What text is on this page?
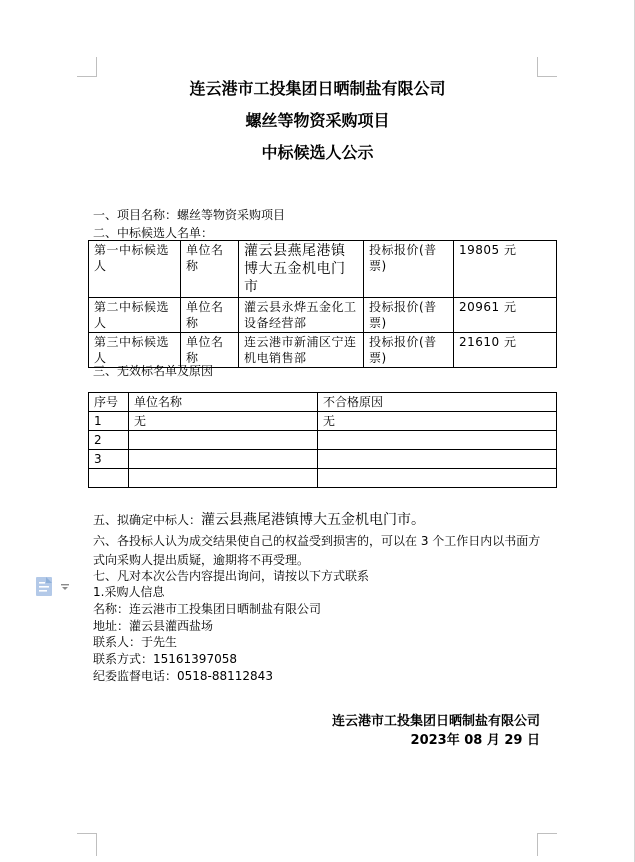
连云港市工投集团日晒制盐有限公司
螺丝等物资采购项目
中标候选人公示
一、项目名称：螺丝等物资采购项目
二、中标候选人名单：
第一中标候选人	单位名称	灌云县燕尾港镇博大五金机电门市	投标报价(普票)	19805 元
第二中标候选人	单位名称	灌云县永烨五金化工设备经营部	投标报价(普票)	20961 元
第三中标候选人	单位名称	连云港市新浦区宁连机电销售部	投标报价(普票)	21610 元
三、无效标名单及原因
序号	单位名称	不合格原因
1	无	无
2		
3		

五、拟确定中标人：灌云县燕尾港镇博大五金机电门市。
六、各投标人认为成交结果使自己的权益受到损害的，可以在 3 个工作日内以书面方式向采购人提出质疑，逾期将不再受理。
七、凡对本次公告内容提出询问，请按以下方式联系
1.采购人信息
名称：连云港市工投集团日晒制盐有限公司
地址：灌云县灌西盐场
联系人：于先生
联系方式：15161397058
纪委监督电话：0518-88112843
连云港市工投集团日晒制盐有限公司
2023年 08 月 29 日
